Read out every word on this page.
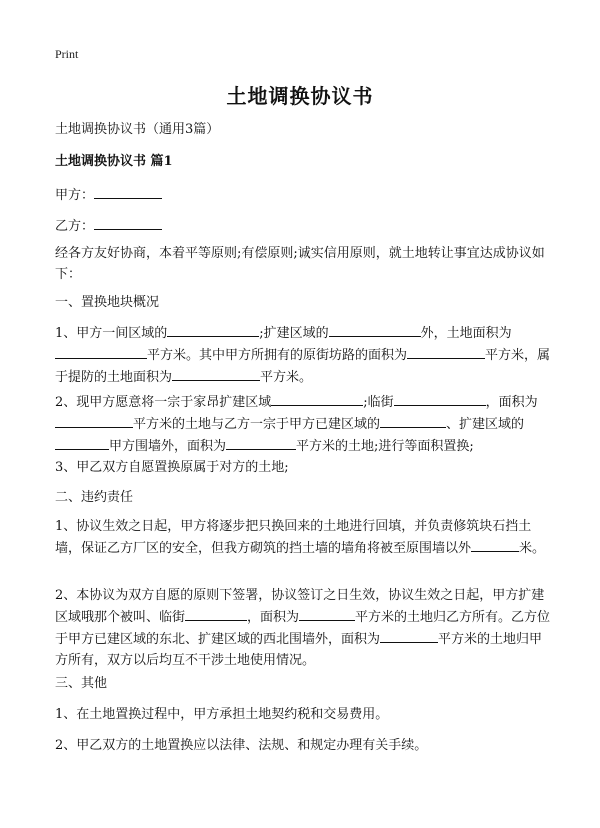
Print
土地调换协议书
土地调换协议书（通用3篇）
土地调换协议书 篇1
甲方：
乙方：
经各方友好协商，本着平等原则;有偿原则;诚实信用原则，就土地转让事宜达成协议如下：
一、置换地块概况
1、甲方一间区域的	;扩建区域的	外，土地面积为平方米。其中甲方所拥有的原街坊路的面积为	平方米，属于提防的土地面积为	平方米。
2、现甲方愿意将一宗于家昂扩建区域	;临街	，面积为平方米的土地与乙方一宗于甲方已建区域的	、扩建区域的甲方围墙外，面积为	平方米的土地;进行等面积置换;
3、甲乙双方自愿置换原属于对方的土地;
二、违约责任
1、协议生效之日起，甲方将逐步把只换回来的土地进行回填，并负责修筑块石挡土墙，保证乙方厂区的安全，但我方砌筑的挡土墙的墙角将被至原围墙以外	米。
2、本协议为双方自愿的原则下签署，协议签订之日生效，协议生效之日起，甲方扩建区域哦那个被叫、临街	，面积为	平方米的土地归乙方所有。乙方位于甲方已建区域的东北、扩建区域的西北围墙外，面积为	平方米的土地归甲方所有，双方以后均互不干涉土地使用情况。
三、其他
1、在土地置换过程中，甲方承担土地契约税和交易费用。
2、甲乙双方的土地置换应以法律、法规、和规定办理有关手续。
